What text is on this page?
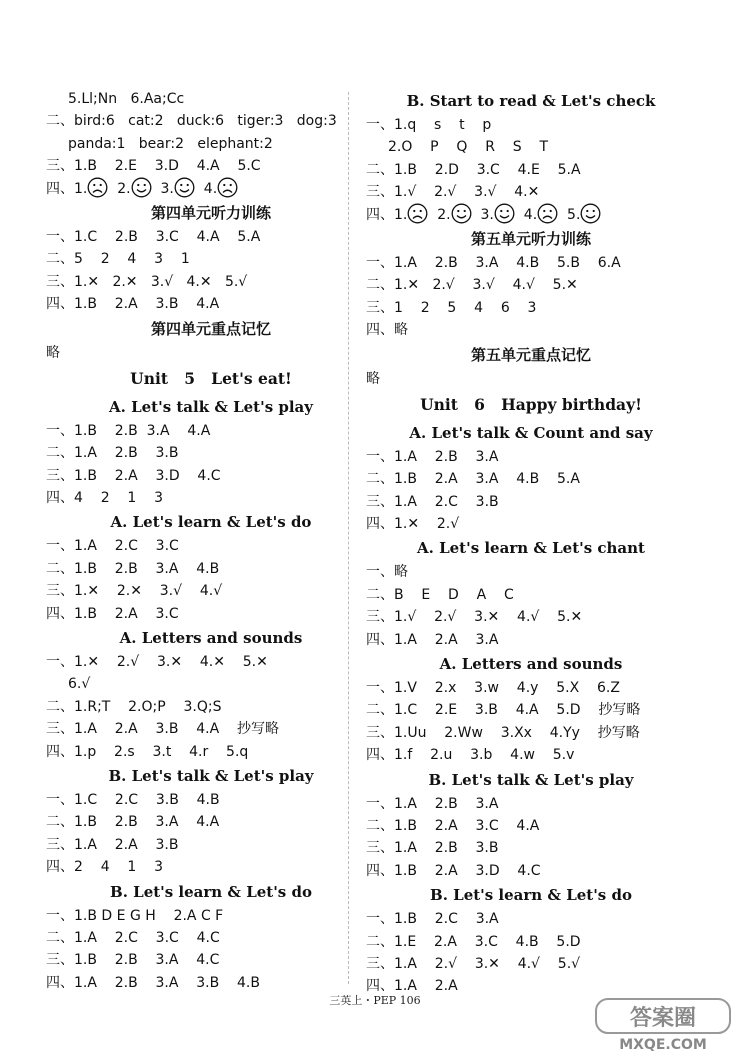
5.Ll;Nn   6.Aa;Cc
二、bird:6   cat:2   duck:6   tiger:3   dog:3
panda:1   bear:2   elephant:2
三、1.B    2.E    3.D    4.A    5.C
四、1.  2.  3.  4.
第四单元听力训练
一、1.C    2.B    3.C    4.A    5.A
二、5    2    4    3    1
三、1.✕   2.✕   3.√   4.✕   5.√
四、1.B    2.A    3.B    4.A
第四单元重点记忆
略
Unit   5   Let's eat!
A. Let's talk & Let's play
一、1.B    2.B  3.A    4.A
二、1.A    2.B    3.B
三、1.B    2.A    3.D    4.C
四、4    2    1    3
A. Let's learn & Let's do
一、1.A    2.C    3.C
二、1.B    2.B    3.A    4.B
三、1.✕    2.✕    3.√    4.√
四、1.B    2.A    3.C
A. Letters and sounds
一、1.✕    2.√    3.✕    4.✕    5.✕
6.√
二、1.R;T    2.O;P    3.Q;S
三、1.A    2.A    3.B    4.A    抄写略
四、1.p    2.s    3.t    4.r    5.q
B. Let's talk & Let's play
一、1.C    2.C    3.B    4.B
二、1.B    2.B    3.A    4.A
三、1.A    2.A    3.B
四、2    4    1    3
B. Let's learn & Let's do
一、1.B D E G H    2.A C F
二、1.A    2.C    3.C    4.C
三、1.B    2.B    3.A    4.C
四、1.A    2.B    3.A    3.B    4.B
B. Start to read & Let's check
一、1.q    s    t    p
2.O    P    Q    R    S    T
二、1.B    2.D    3.C    4.E    5.A
三、1.√    2.√    3.√    4.✕
四、1.  2.  3.  4.  5.
第五单元听力训练
一、1.A    2.B    3.A    4.B    5.B    6.A
二、1.✕   2.√    3.√    4.√    5.✕
三、1    2    5    4    6    3
四、略
第五单元重点记忆
略
Unit   6   Happy birthday!
A. Let's talk & Count and say
一、1.A    2.B    3.A
二、1.B    2.A    3.A    4.B    5.A
三、1.A    2.C    3.B
四、1.✕    2.√
A. Let's learn & Let's chant
一、略
二、B    E    D    A    C
三、1.√    2.√    3.✕    4.√    5.✕
四、1.A    2.A    3.A
A. Letters and sounds
一、1.V    2.x    3.w    4.y    5.X    6.Z
二、1.C    2.E    3.B    4.A    5.D    抄写略
三、1.Uu    2.Ww    3.Xx    4.Yy    抄写略
四、1.f    2.u    3.b    4.w    5.v
B. Let's talk & Let's play
一、1.A    2.B    3.A
二、1.B    2.A    3.C    4.A
三、1.A    2.B    3.B
四、1.B    2.A    3.D    4.C
B. Let's learn & Let's do
一、1.B    2.C    3.A
二、1.E    2.A    3.C    4.B    5.D
三、1.A    2.√    3.✕    4.√    5.√
四、1.A    2.A
三英上・PEP 106
答案圈
MXQE.COM
